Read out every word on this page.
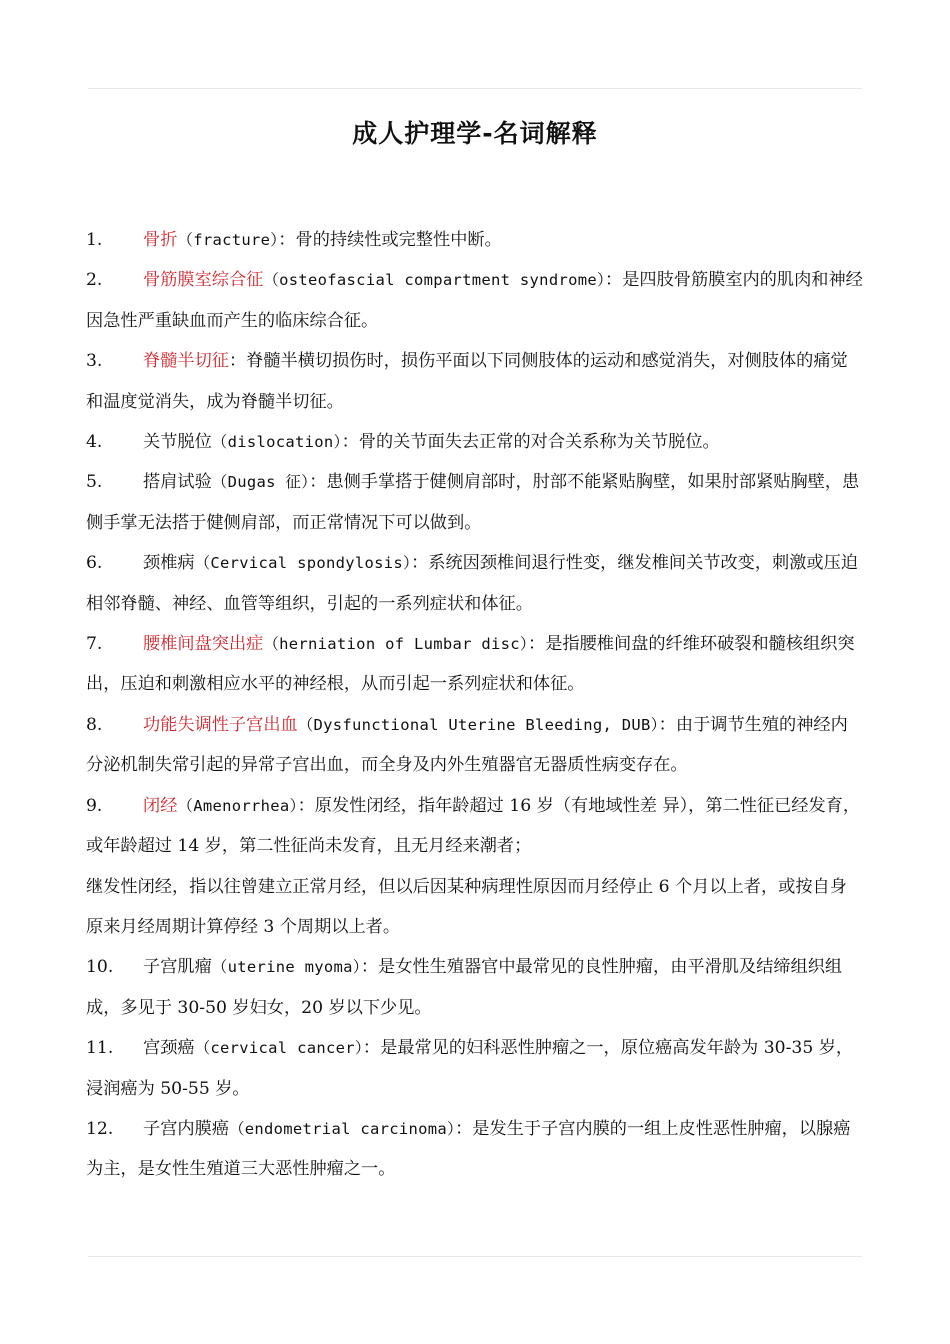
成人护理学-名词解释

1. 骨折（fracture）：骨的持续性或完整性中断。

2. 骨筋膜室综合征（osteofascial compartment syndrome）：是四肢骨筋膜室内的肌肉和神经因急性严重缺血而产生的临床综合征。

3. 脊髓半切征：脊髓半横切损伤时，损伤平面以下同侧肢体的运动和感觉消失，对侧肢体的痛觉和温度觉消失，成为脊髓半切征。

4. 关节脱位（dislocation）：骨的关节面失去正常的对合关系称为关节脱位。

5. 搭肩试验（Dugas 征）：患侧手掌搭于健侧肩部时，肘部不能紧贴胸壁，如果肘部紧贴胸壁，患侧手掌无法搭于健侧肩部，而正常情况下可以做到。

6. 颈椎病（Cervical spondylosis）：系统因颈椎间退行性变，继发椎间关节改变，刺激或压迫相邻脊髓、神经、血管等组织，引起的一系列症状和体征。

7. 腰椎间盘突出症（herniation of Lumbar disc）：是指腰椎间盘的纤维环破裂和髓核组织突出，压迫和刺激相应水平的神经根，从而引起一系列症状和体征。

8. 功能失调性子宫出血（Dysfunctional Uterine Bleeding, DUB）：由于调节生殖的神经内分泌机制失常引起的异常子宫出血，而全身及内外生殖器官无器质性病变存在。

9. 闭经（Amenorrhea）：原发性闭经，指年龄超过 16 岁（有地域性差 异），第二性征已经发育，或年龄超过 14 岁，第二性征尚未发育，且无月经来潮者；

继发性闭经，指以往曾建立正常月经，但以后因某种病理性原因而月经停止 6 个月以上者，或按自身原来月经周期计算停经 3 个周期以上者。

10. 子宫肌瘤（uterine myoma）：是女性生殖器官中最常见的良性肿瘤，由平滑肌及结缔组织组成，多见于 30-50 岁妇女，20 岁以下少见。

11. 宫颈癌（cervical cancer）：是最常见的妇科恶性肿瘤之一，原位癌高发年龄为 30-35 岁，浸润癌为 50-55 岁。

12. 子宫内膜癌（endometrial carcinoma）：是发生于子宫内膜的一组上皮性恶性肿瘤，以腺癌为主，是女性生殖道三大恶性肿瘤之一。
